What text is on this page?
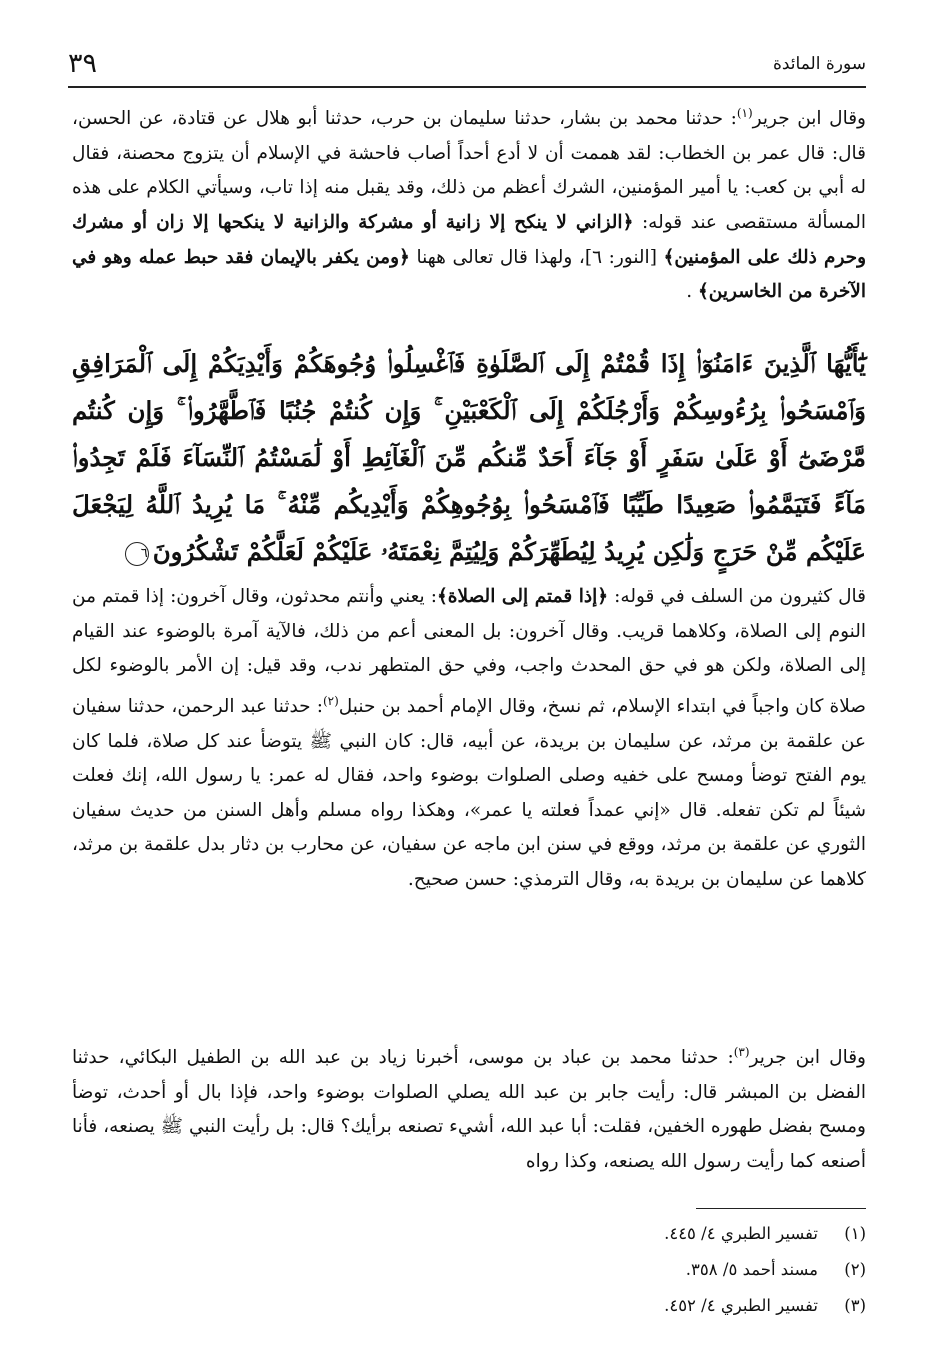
سورة المائدة
٣٩

وقال ابن جرير$^{(١)}$: حدثنا محمد بن بشار، حدثنا سليمان بن حرب، حدثنا أبو هلال عن قتادة، عن الحسن، قال: قال عمر بن الخطاب: لقد هممت أن لا أدع أحداً أصاب فاحشة في الإسلام أن يتزوج محصنة، فقال له أبي بن كعب: يا أمير المؤمنين، الشرك أعظم من ذلك، وقد يقبل منه إذا تاب، وسيأتي الكلام على هذه المسألة مستقصى عند قوله: ﴿الزاني لا ينكح إلا زانية أو مشركة والزانية لا ينكحها إلا زان أو مشرك وحرم ذلك على المؤمنين﴾ [النور: ٦]، ولهذا قال تعالى ههنا ﴿ومن يكفر بالإيمان فقد حبط عمله وهو في الآخرة من الخاسرين﴾ .

يَٰٓأَيُّهَا ٱلَّذِينَ ءَامَنُوٓا۟ إِذَا قُمْتُمْ إِلَى ٱلصَّلَوٰةِ فَٱغْسِلُوا۟ وُجُوهَكُمْ وَأَيْدِيَكُمْ إِلَى ٱلْمَرَافِقِ وَٱمْسَحُوا۟ بِرُءُوسِكُمْ وَأَرْجُلَكُمْ إِلَى ٱلْكَعْبَيْنِ ۚ وَإِن كُنتُمْ جُنُبًا فَٱطَّهَّرُوا۟ ۚ وَإِن كُنتُم مَّرْضَىٰٓ أَوْ عَلَىٰ سَفَرٍ أَوْ جَآءَ أَحَدٌ مِّنكُم مِّنَ ٱلْغَآئِطِ أَوْ لَٰمَسْتُمُ ٱلنِّسَآءَ فَلَمْ تَجِدُوا۟ مَآءً فَتَيَمَّمُوا۟ صَعِيدًا طَيِّبًا فَٱمْسَحُوا۟ بِوُجُوهِكُمْ وَأَيْدِيكُم مِّنْهُ ۚ مَا يُرِيدُ ٱللَّهُ لِيَجْعَلَ عَلَيْكُم مِّنْ حَرَجٍ وَلَٰكِن يُرِيدُ لِيُطَهِّرَكُمْ وَلِيُتِمَّ نِعْمَتَهُۥ عَلَيْكُمْ لَعَلَّكُمْ تَشْكُرُونَ٦

قال كثيرون من السلف في قوله: ﴿إذا قمتم إلى الصلاة﴾: يعني وأنتم محدثون، وقال آخرون: إذا قمتم من النوم إلى الصلاة، وكلاهما قريب. وقال آخرون: بل المعنى أعم من ذلك، فالآية آمرة بالوضوء عند القيام إلى الصلاة، ولكن هو في حق المحدث واجب، وفي حق المتطهر ندب، وقد قيل: إن الأمر بالوضوء لكل صلاة كان واجباً في ابتداء الإسلام، ثم نسخ، وقال الإمام أحمد بن حنبل$^{(٢)}$: حدثنا عبد الرحمن، حدثنا سفيان عن علقمة بن مرثد، عن سليمان بن بريدة، عن أبيه، قال: كان النبي ﷺ يتوضأ عند كل صلاة، فلما كان يوم الفتح توضأ ومسح على خفيه وصلى الصلوات بوضوء واحد، فقال له عمر: يا رسول الله، إنك فعلت شيئاً لم تكن تفعله. قال «إني عمداً فعلته يا عمر»، وهكذا رواه مسلم وأهل السنن من حديث سفيان الثوري عن علقمة بن مرثد، ووقع في سنن ابن ماجه عن سفيان، عن محارب بن دثار بدل علقمة بن مرثد، كلاهما عن سليمان بن بريدة به، وقال الترمذي: حسن صحيح.

وقال ابن جرير$^{(٣)}$: حدثنا محمد بن عباد بن موسى، أخبرنا زياد بن عبد الله بن الطفيل البكائي، حدثنا الفضل بن المبشر قال: رأيت جابر بن عبد الله يصلي الصلوات بوضوء واحد، فإذا بال أو أحدث، توضأ ومسح بفضل طهوره الخفين، فقلت: أبا عبد الله، أشيء تصنعه برأيك؟ قال: بل رأيت النبي ﷺ يصنعه، فأنا أصنعه كما رأيت رسول الله يصنعه، وكذا رواه

(١)تفسير الطبري ٤/ ٤٤٥.
(٢)مسند أحمد ٥/ ٣٥٨.
(٣)تفسير الطبري ٤/ ٤٥٢.
